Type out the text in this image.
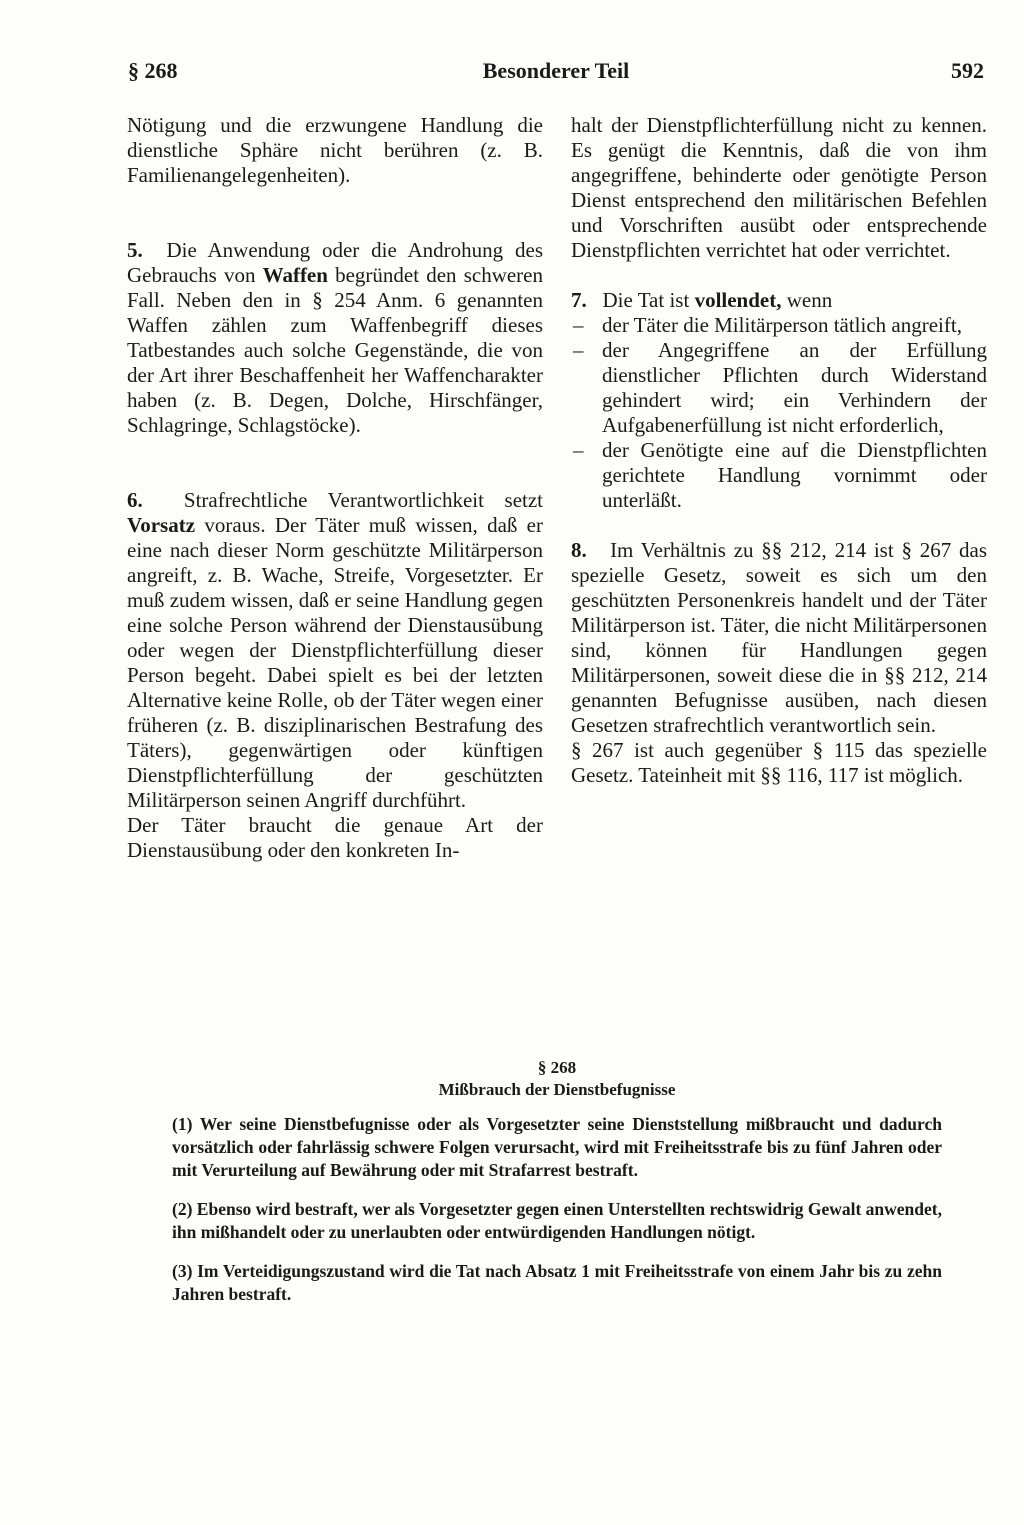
Besonderer Teil
§ 268	592

Nötigung und die erzwungene Handlung die dienstliche Sphäre nicht berühren (z. B. Familienangelegenheiten).

5. Die Anwendung oder die Androhung des Gebrauchs von Waffen begründet den schweren Fall. Neben den in § 254 Anm. 6 genannten Waffen zählen zum Waffenbegriff dieses Tatbestandes auch solche Gegenstände, die von der Art ihrer Beschaffenheit her Waffencharakter haben (z. B. Degen, Dolche, Hirschfänger, Schlagringe, Schlagstöcke).

6. Strafrechtliche Verantwortlichkeit setzt Vorsatz voraus. Der Täter muß wissen, daß er eine nach dieser Norm geschützte Militärperson angreift, z. B. Wache, Streife, Vorgesetzter. Er muß zudem wissen, daß er seine Handlung gegen eine solche Person während der Dienstausübung oder wegen der Dienstpflichterfüllung dieser Person begeht. Dabei spielt es bei der letzten Alternative keine Rolle, ob der Täter wegen einer früheren (z. B. disziplinarischen Bestrafung des Täters), gegenwärtigen oder künftigen Dienstpflichterfüllung der geschützten Militärperson seinen Angriff durchführt.

Der Täter braucht die genaue Art der Dienstausübung oder den konkreten In-

halt der Dienstpflichterfüllung nicht zu kennen. Es genügt die Kenntnis, daß die von ihm angegriffene, behinderte oder genötigte Person Dienst entsprechend den militärischen Befehlen und Vorschriften ausübt oder entsprechende Dienstpflichten verrichtet hat oder verrichtet.

7. Die Tat ist vollendet, wenn

– der Täter die Militärperson tätlich angreift,
– der Angegriffene an der Erfüllung dienstlicher Pflichten durch Widerstand gehindert wird; ein Verhindern der Aufgabenerfüllung ist nicht erforderlich,
– der Genötigte eine auf die Dienstpflichten gerichtete Handlung vornimmt oder unterläßt.

8. Im Verhältnis zu §§ 212, 214 ist § 267 das spezielle Gesetz, soweit es sich um den geschützten Personenkreis handelt und der Täter Militärperson ist. Täter, die nicht Militärpersonen sind, können für Handlungen gegen Militärpersonen, soweit diese die in §§ 212, 214 genannten Befugnisse ausüben, nach diesen Gesetzen strafrechtlich verantwortlich sein.

§ 267 ist auch gegenüber § 115 das spezielle Gesetz. Tateinheit mit §§ 116, 117 ist möglich.

§ 268
Mißbrauch der Dienstbefugnisse

(1) Wer seine Dienstbefugnisse oder als Vorgesetzter seine Dienststellung mißbraucht und dadurch vorsätzlich oder fahrlässig schwere Folgen verursacht, wird mit Freiheitsstrafe bis zu fünf Jahren oder mit Verurteilung auf Bewährung oder mit Strafarrest bestraft.

(2) Ebenso wird bestraft, wer als Vorgesetzter gegen einen Unterstellten rechtswidrig Gewalt anwendet, ihn mißhandelt oder zu unerlaubten oder entwürdigenden Handlungen nötigt.

(3) Im Verteidigungszustand wird die Tat nach Absatz 1 mit Freiheitsstrafe von einem Jahr bis zu zehn Jahren bestraft.
